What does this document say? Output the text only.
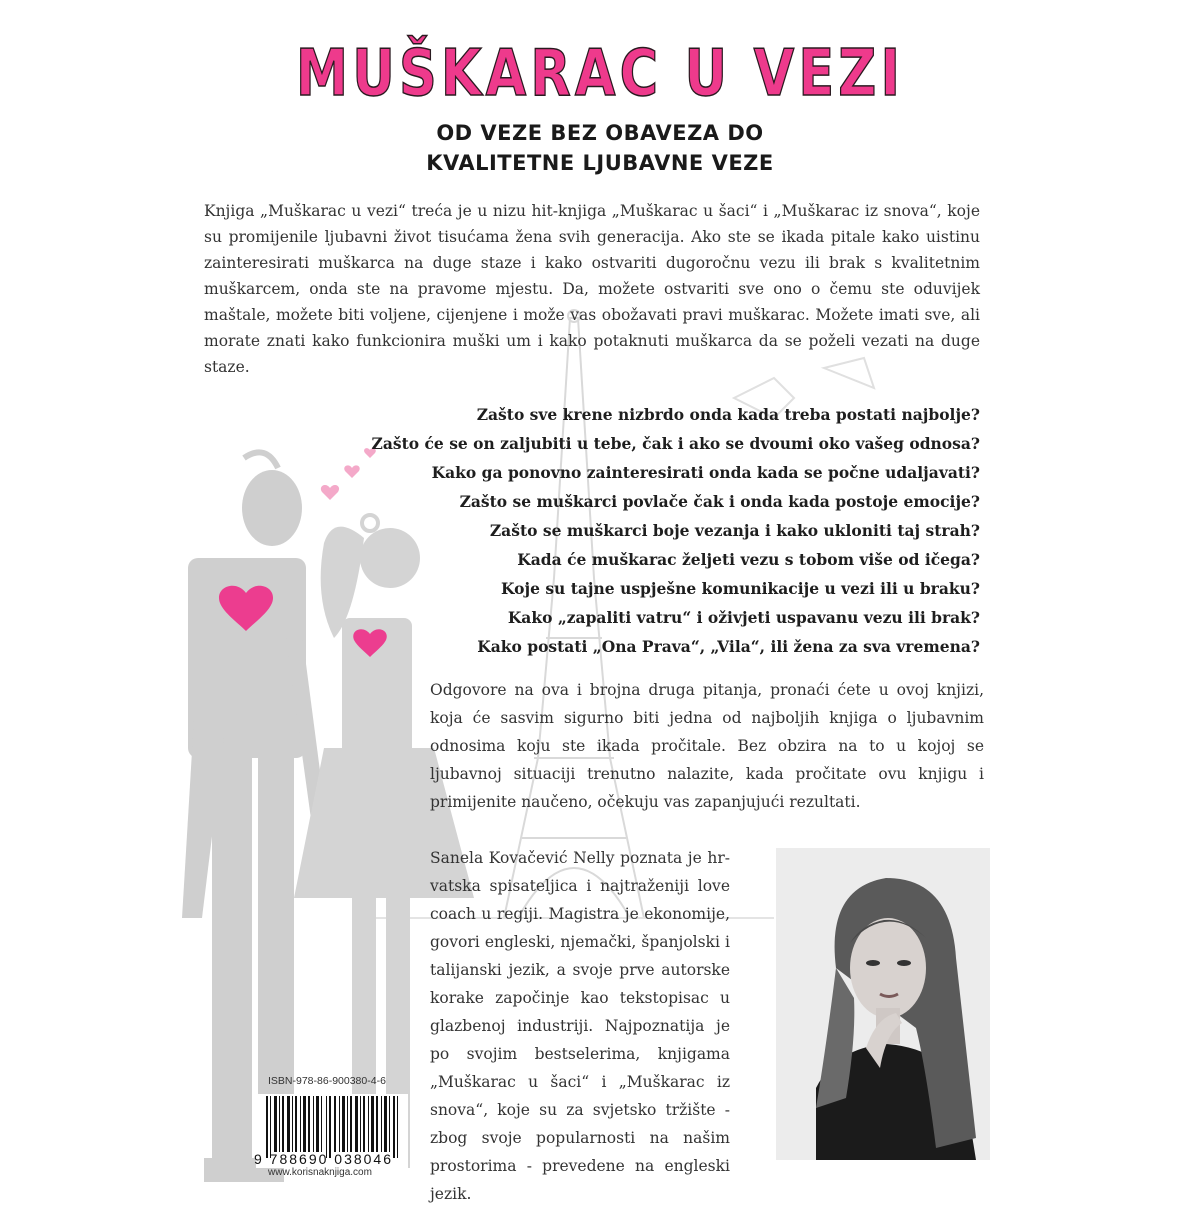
MUŠKARAC U VEZI
OD VEZE BEZ OBAVEZA DO
KVALITETNE LJUBAVNE VEZE

Knjiga „Muškarac u vezi“ treća je u nizu hit-knjiga „Muškarac u šaci“ i „Muškarac iz snova“, koje su promijenile ljubavni život tisućama žena svih generacija. Ako ste se ikada pitale kako uistinu zainteresirati muškarca na duge staze i kako ostvariti dugoročnu vezu ili brak s kvalitetnim muškarcem, onda ste na pravome mjestu. Da, možete ostvariti sve ono o čemu ste oduvijek maštale, možete biti voljene, cijenjene i može vas obožavati pravi muškarac. Možete imati sve, ali morate znati kako funkcionira muški um i kako potaknuti muškarca da se poželi vezati na duge staze.

Zašto sve krene nizbrdo onda kada treba postati najbolje?
Zašto će se on zaljubiti u tebe, čak i ako se dvoumi oko vašeg odnosa?
Kako ga ponovno zainteresirati onda kada se počne udaljavati?
Zašto se muškarci povlače čak i onda kada postoje emocije?
Zašto se muškarci boje vezanja i kako ukloniti taj strah?
Kada će muškarac željeti vezu s tobom više od ičega?
Koje su tajne uspješne komunikacije u vezi ili u braku?
Kako „zapaliti vatru“ i oživjeti uspavanu vezu ili brak?
Kako postati „Ona Prava“, „Vila“, ili žena za sva vremena?

Odgovore na ova i brojna druga pitanja, pronaći ćete u ovoj knjizi, koja će sasvim sigurno biti jedna od najboljih knjiga o ljubavnim odnosima koju ste ikada pročitale. Bez obzira na to u kojoj se ljubavnoj situaciji trenutno nalazite, kada pročitate ovu knjigu i primijenite naučeno, očekuju vas zapanjujući rezultati.

Sanela Kovačević Nelly poznata je hrvatska spisateljica i najtraženiji love coach u regiji. Magistra je ekonomije, govori engleski, njemački, španjolski i talijanski jezik, a svoje prve autorske korake započinje kao tekstopisac u glazbenoj industriji. Najpoznatija je po svojim bestselerima, knjigama „Muškarac u šaci“ i „Muškarac iz snova“, koje su za svjetsko tržište - zbog svoje popularnosti na našim prostorima - prevedene na engleski jezik.

ISBN-978-86-900380-4-6
9 788690 038046
www.korisnaknjiga.com
